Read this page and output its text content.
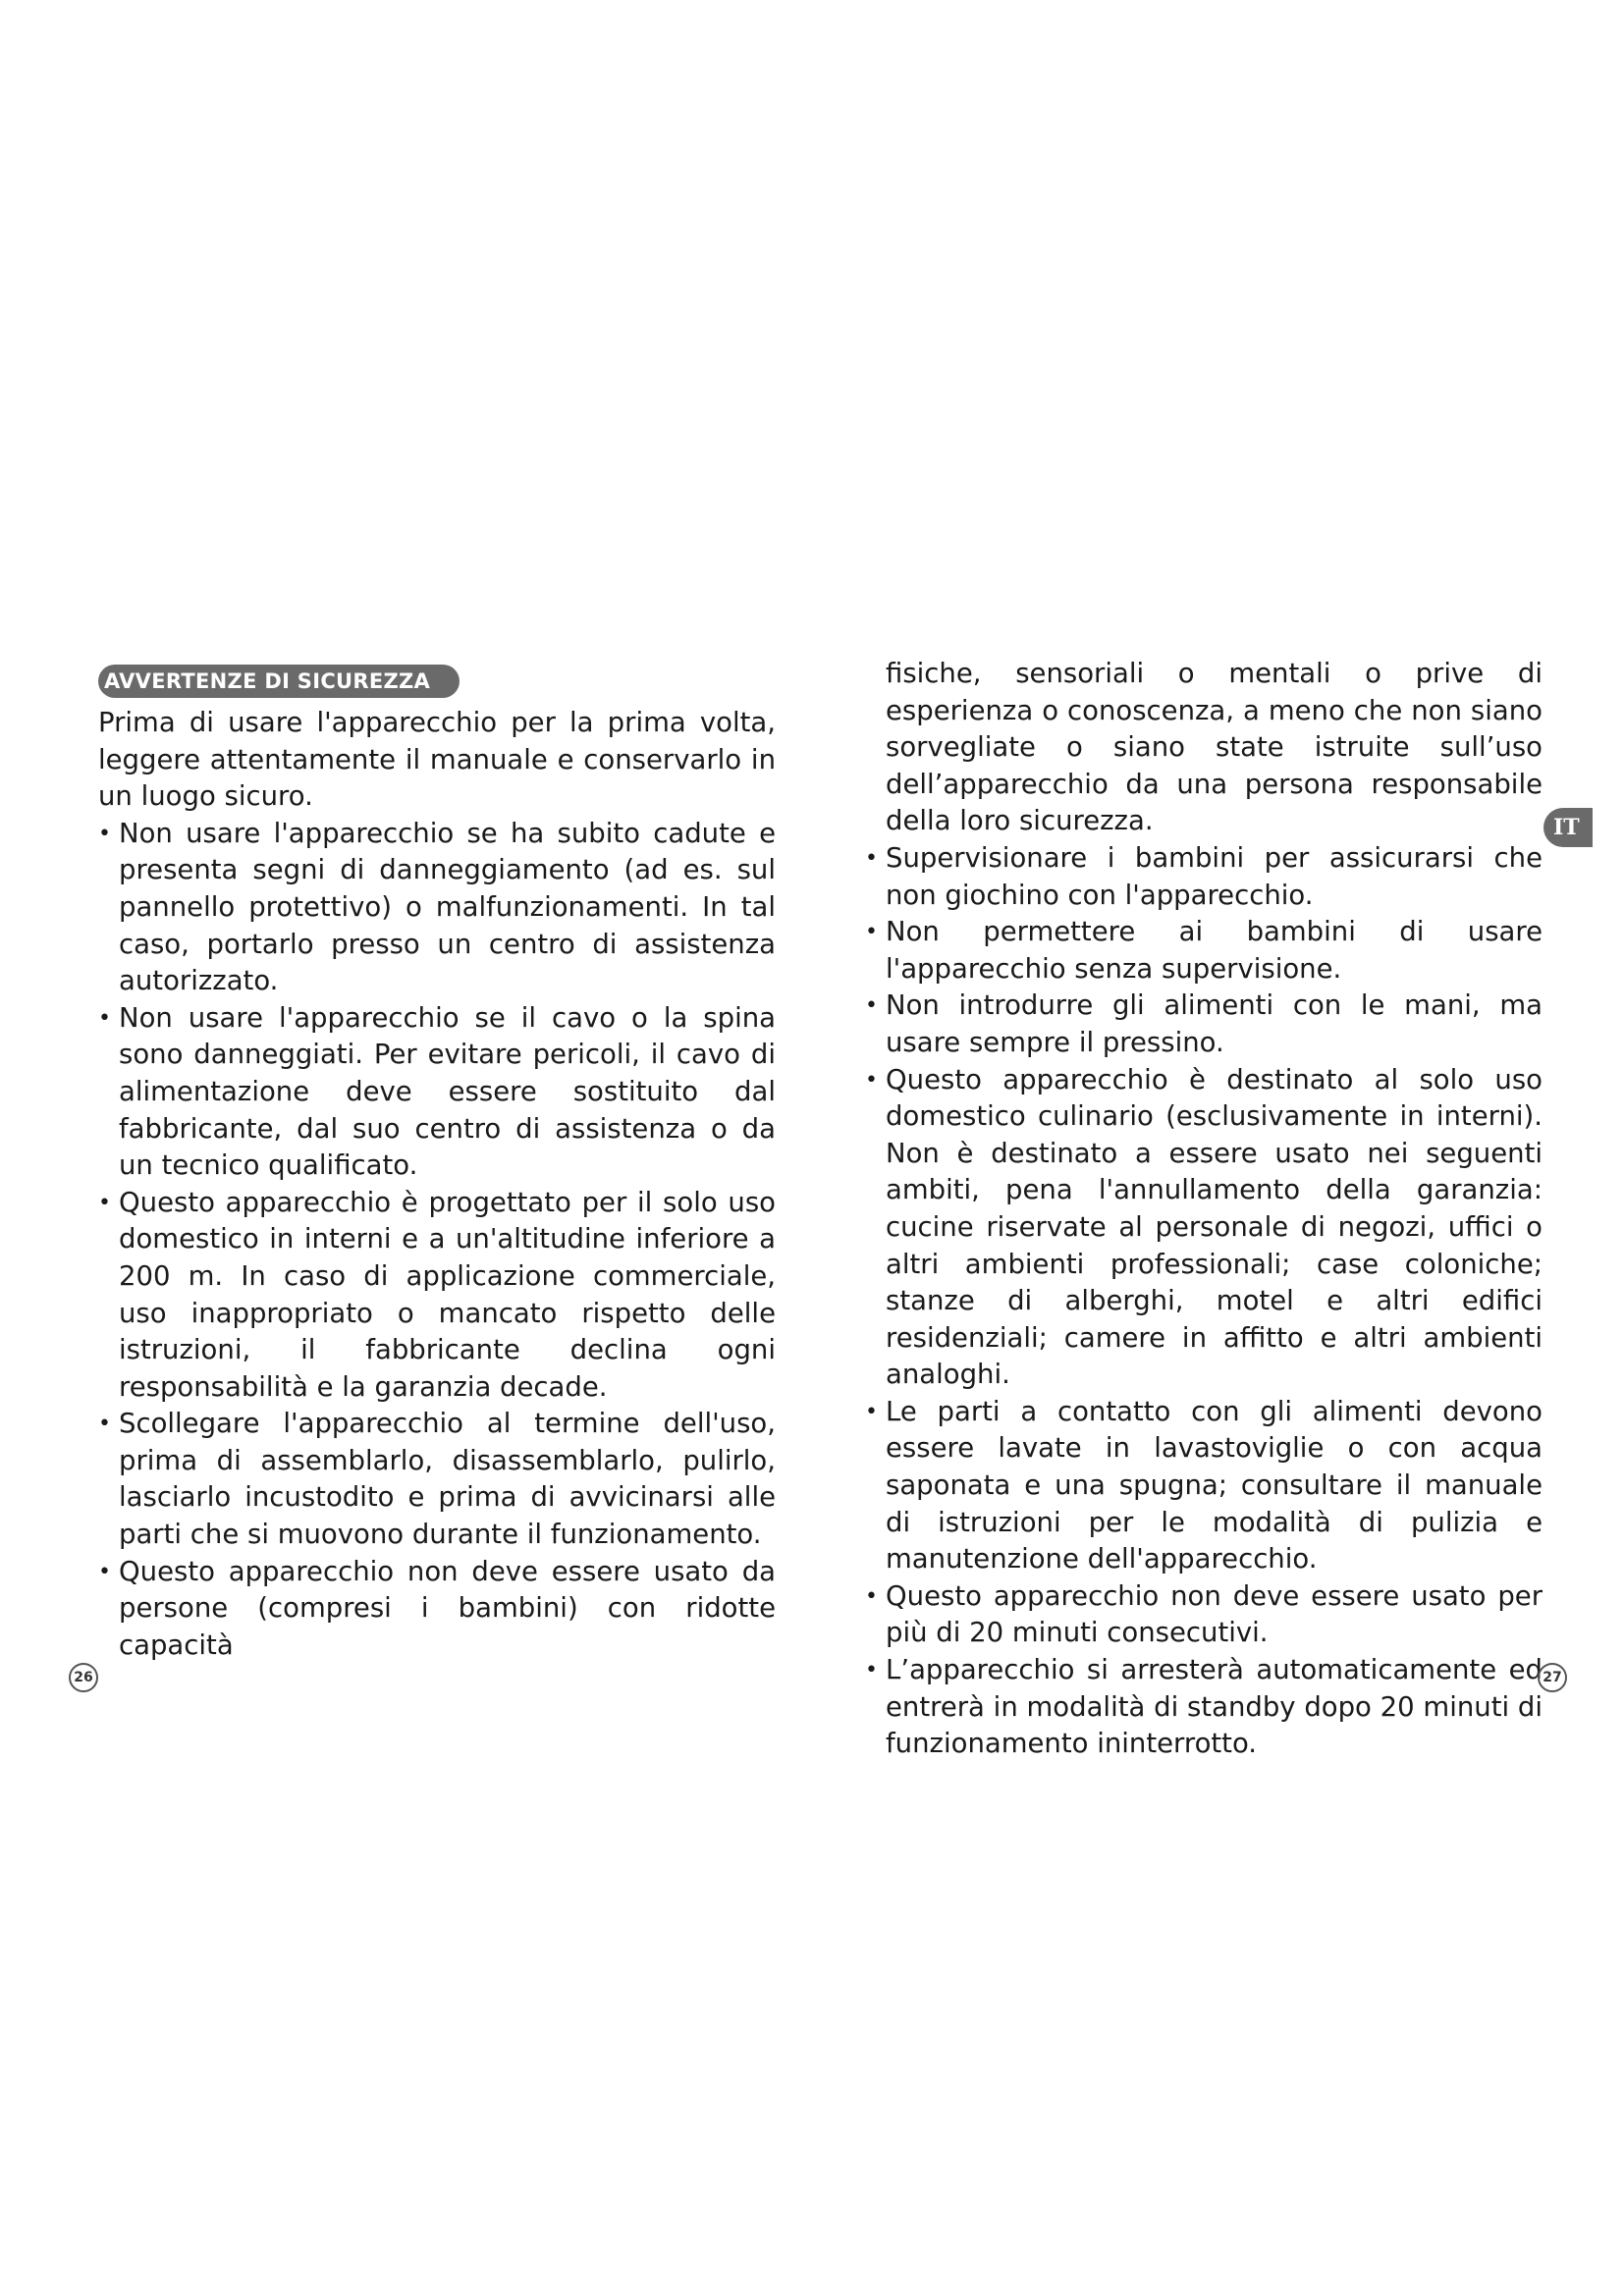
AVVERTENZE DI SICUREZZA

Prima di usare l'apparecchio per la prima volta, leggere attentamente il manuale e conservarlo in un luogo sicuro.

• Non usare l'apparecchio se ha subito cadute e presenta segni di danneggiamento (ad es. sul pannello protettivo) o malfunzionamenti. In tal caso, portarlo presso un centro di assistenza autorizzato.
• Non usare l'apparecchio se il cavo o la spina sono danneggiati. Per evitare pericoli, il cavo di alimentazione deve essere sostituito dal fabbricante, dal suo centro di assistenza o da un tecnico qualificato.
• Questo apparecchio è progettato per il solo uso domestico in interni e a un'altitudine inferiore a 200 m. In caso di applicazione commerciale, uso inappropriato o mancato rispetto delle istruzioni, il fabbricante declina ogni responsabilità e la garanzia decade.
• Scollegare l'apparecchio al termine dell'uso, prima di assemblarlo, disassemblarlo, pulirlo, lasciarlo incustodito e prima di avvicinarsi alle parti che si muovono durante il funzionamento.
• Questo apparecchio non deve essere usato da persone (compresi i bambini) con ridotte capacità

fisiche, sensoriali o mentali o prive di esperienza o conoscenza, a meno che non siano sorvegliate o siano state istruite sull’uso dell’apparecchio da una persona responsabile della loro sicurezza.

• Supervisionare i bambini per assicurarsi che non giochino con l'apparecchio.
• Non permettere ai bambini di usare l'apparecchio senza supervisione.
• Non introdurre gli alimenti con le mani, ma usare sempre il pressino.
• Questo apparecchio è destinato al solo uso domestico culinario (esclusivamente in interni). Non è destinato a essere usato nei seguenti ambiti, pena l'annullamento della garanzia: cucine riservate al personale di negozi, uffici o altri ambienti professionali; case coloniche; stanze di alberghi, motel e altri edifici residenziali; camere in affitto e altri ambienti analoghi.
• Le parti a contatto con gli alimenti devono essere lavate in lavastoviglie o con acqua saponata e una spugna; consultare il manuale di istruzioni per le modalità di pulizia e manutenzione dell'apparecchio.
• Questo apparecchio non deve essere usato per più di 20 minuti consecutivi.
• L’apparecchio si arresterà automaticamente ed entrerà in modalità di standby dopo 20 minuti di funzionamento ininterrotto.
IT
26	27
